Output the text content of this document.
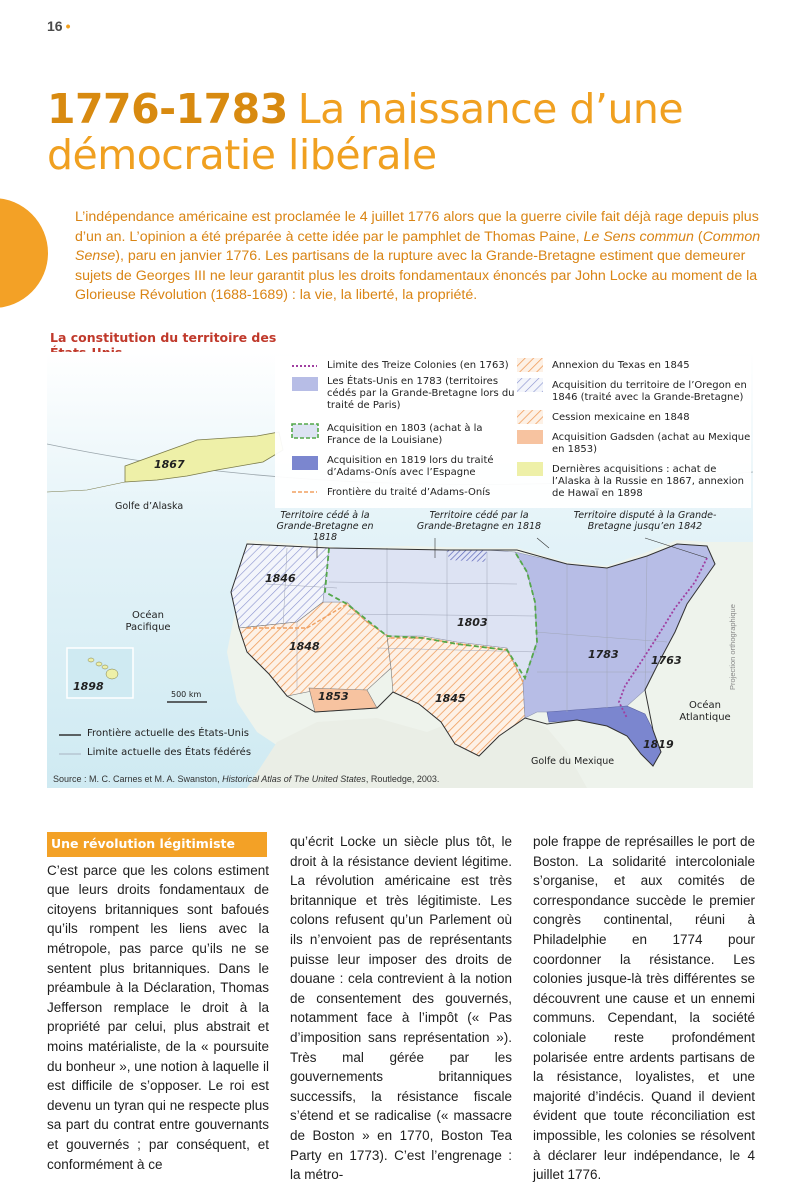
16 •
1776-1783 La naissance d’une démocratie libérale
L’indépendance américaine est proclamée le 4 juillet 1776 alors que la guerre civile fait déjà rage depuis plus d’un an. L’opinion a été préparée à cette idée par le pamphlet de Thomas Paine, Le Sens commun (Common Sense), paru en janvier 1776. Les partisans de la rupture avec la Grande-Bretagne estiment que demeurer sujets de Georges III ne leur garantit plus les droits fondamentaux énoncés par John Locke au moment de la Glorieuse Révolution (1688-1689) : la vie, la liberté, la propriété.
La constitution du territoire des
Limite des Treize Colonies (en 1763)
Les États-Unis en 1783 (territoires cédés par la Grande-Bretagne lors du traité de Paris)
Acquisition en 1803 (achat à la France de la Louisiane)
Acquisition en 1819 lors du traité d’Adams-Onís avec l’Espagne
Frontière du traité d’Adams-Onís
Annexion du Texas en 1845
Acquisition du territoire de l’Oregon en 1846 (traité avec la Grande-Bretagne)
Cession mexicaine en 1848
Acquisition Gadsden (achat au Mexique en 1853)
Dernières acquisitions : achat de l’Alaska à la Russie en 1867, annexion de Hawaï en 1898
1867
Golfe d’Alaska
Océan Pacifique
1898
500 km
1846
1848
1853	1845
1803
1783	1763
1819
Océan Atlantique
Golfe du Mexique
Territoire cédé à la Grande-Bretagne en 1818
Territoire cédé par la Grande-Bretagne en 1818
Territoire disputé à la Grande-Bretagne jusqu’en 1842
Frontière actuelle des États-Unis
Limite actuelle des États fédérés
Projection orthographique
Source : M. C. Carnes et M. A. Swanston, Historical Atlas of The United States, Routledge, 2003.
Une révolution légitimiste

C’est parce que les colons estiment que leurs droits fondamentaux de citoyens britanniques sont bafoués qu’ils rompent les liens avec la métropole, pas parce qu’ils ne se sentent plus britanniques. Dans le préambule à la Déclaration, Thomas Jefferson remplace le droit à la propriété par celui, plus abstrait et moins matérialiste, de la « poursuite du bonheur », une notion à laquelle il est difficile de s’opposer. Le roi est devenu un tyran qui ne respecte plus sa part du contrat entre gouvernants et gouvernés ; par conséquent, et conformément à ce

qu’écrit Locke un siècle plus tôt, le droit à la résistance devient légitime. La révolution américaine est très britannique et très légitimiste. Les colons refusent qu’un Parlement où ils n’envoient pas de représentants puisse leur imposer des droits de douane : cela contrevient à la notion de consentement des gouvernés, notamment face à l’impôt (« Pas d’imposition sans représentation »). Très mal gérée par les gouvernements britanniques successifs, la résistance fiscale s’étend et se radicalise (« massacre de Boston » en 1770, Boston Tea Party en 1773). C’est l’engrenage : la métro-

pole frappe de représailles le port de Boston. La solidarité intercoloniale s’organise, et aux comités de correspondance succède le premier congrès continental, réuni à Philadelphie en 1774 pour coordonner la résistance. Les colonies jusque-là très différentes se découvrent une cause et un ennemi communs. Cependant, la société coloniale reste profondément polarisée entre ardents partisans de la résistance, loyalistes, et une majorité d’indécis. Quand il devient évident que toute réconciliation est impossible, les colonies se résolvent à déclarer leur indépendance, le 4 juillet 1776.
